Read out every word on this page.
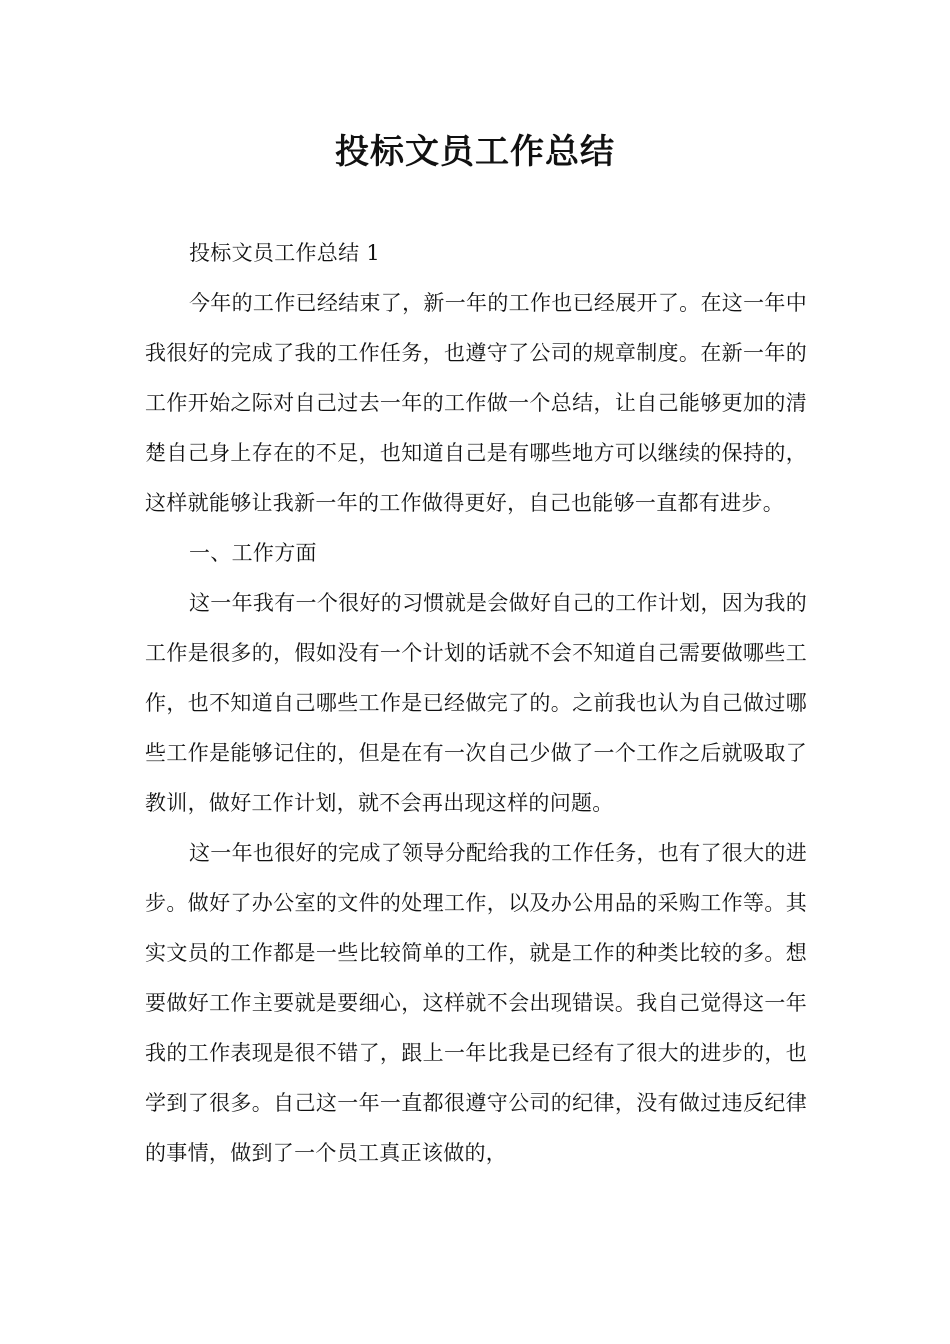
投标文员工作总结

投标文员工作总结 1

今年的工作已经结束了，新一年的工作也已经展开了。在这一年中我很好的完成了我的工作任务，也遵守了公司的规章制度。在新一年的工作开始之际对自己过去一年的工作做一个总结，让自己能够更加的清楚自己身上存在的不足，也知道自己是有哪些地方可以继续的保持的，这样就能够让我新一年的工作做得更好，自己也能够一直都有进步。

一、工作方面

这一年我有一个很好的习惯就是会做好自己的工作计划，因为我的工作是很多的，假如没有一个计划的话就不会不知道自己需要做哪些工作，也不知道自己哪些工作是已经做完了的。之前我也认为自己做过哪些工作是能够记住的，但是在有一次自己少做了一个工作之后就吸取了教训，做好工作计划，就不会再出现这样的问题。

这一年也很好的完成了领导分配给我的工作任务，也有了很大的进步。做好了办公室的文件的处理工作，以及办公用品的采购工作等。其实文员的工作都是一些比较简单的工作，就是工作的种类比较的多。想要做好工作主要就是要细心，这样就不会出现错误。我自己觉得这一年我的工作表现是很不错了，跟上一年比我是已经有了很大的进步的，也学到了很多。自己这一年一直都很遵守公司的纪律，没有做过违反纪律的事情，做到了一个员工真正该做的，
